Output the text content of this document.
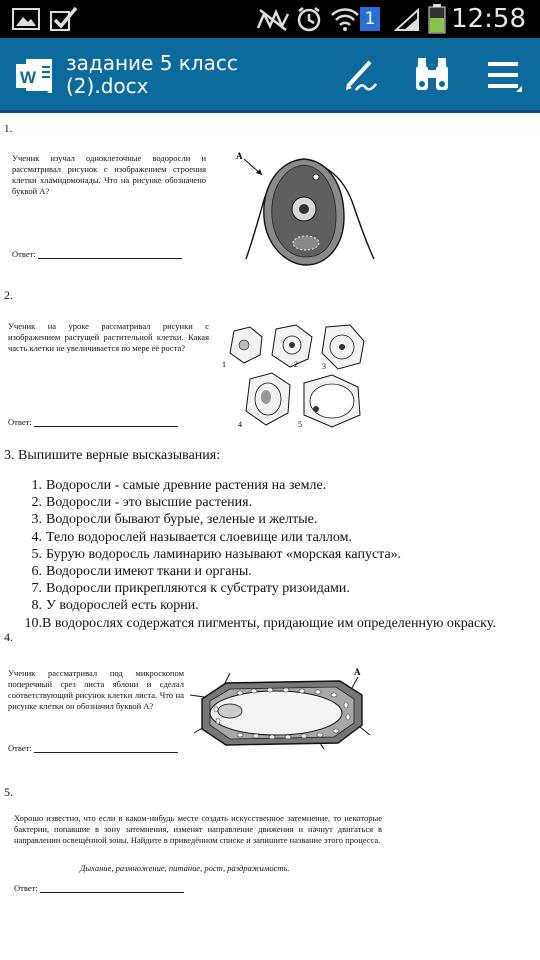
1	12:58
W
задание 5 класс
(2).docx
1.
Ученик изучал одноклеточные водоросли и рассматривал рисунок с изображением строения клетки хламидомонады. Что на рисунке обозначено буквой А?
Ответ:
А
2.
Ученик на уроке рассматривал рисунки с изображением растущей растительной клетки. Какая часть клетки не увеличивается по мере её роста?
Ответ:
1	2	3
4	5
3. Выпишите верные высказывания:
1. Водоросли - самые древние растения на земле.
2. Водоросли - это высшие растения.
3. Водоросли бывают бурые, зеленые и желтые.
4. Тело водорослей называется слоевище или таллом.
5. Бурую водоросль ламинарию называют «морская капуста».
6. Водоросли имеют ткани и органы.
7. Водоросли прикрепляются к субстрату ризоидами.
8. У водорослей есть корни.
10.В водорослях содержатся пигменты, придающие им определенную окраску.
4.
Ученик рассматривал под микроскопом поперечный срез листа яблони и сделал соответствующий рисунок клетки листа. Что на рисунке клетки он обозначил буквой А?
Ответ:
А
5.
Хорошо известно, что если в каком-нибудь месте создать искусственное затемнение, то некоторые бактерии, попавшие в зону затемнения, изменят направление движения и начнут двигаться в направлении освещённой зоны. Найдите в приведённом списке и запишите название этого процесса.
Дыхание, размножение, питание, рост, раздражимость.
Ответ:
